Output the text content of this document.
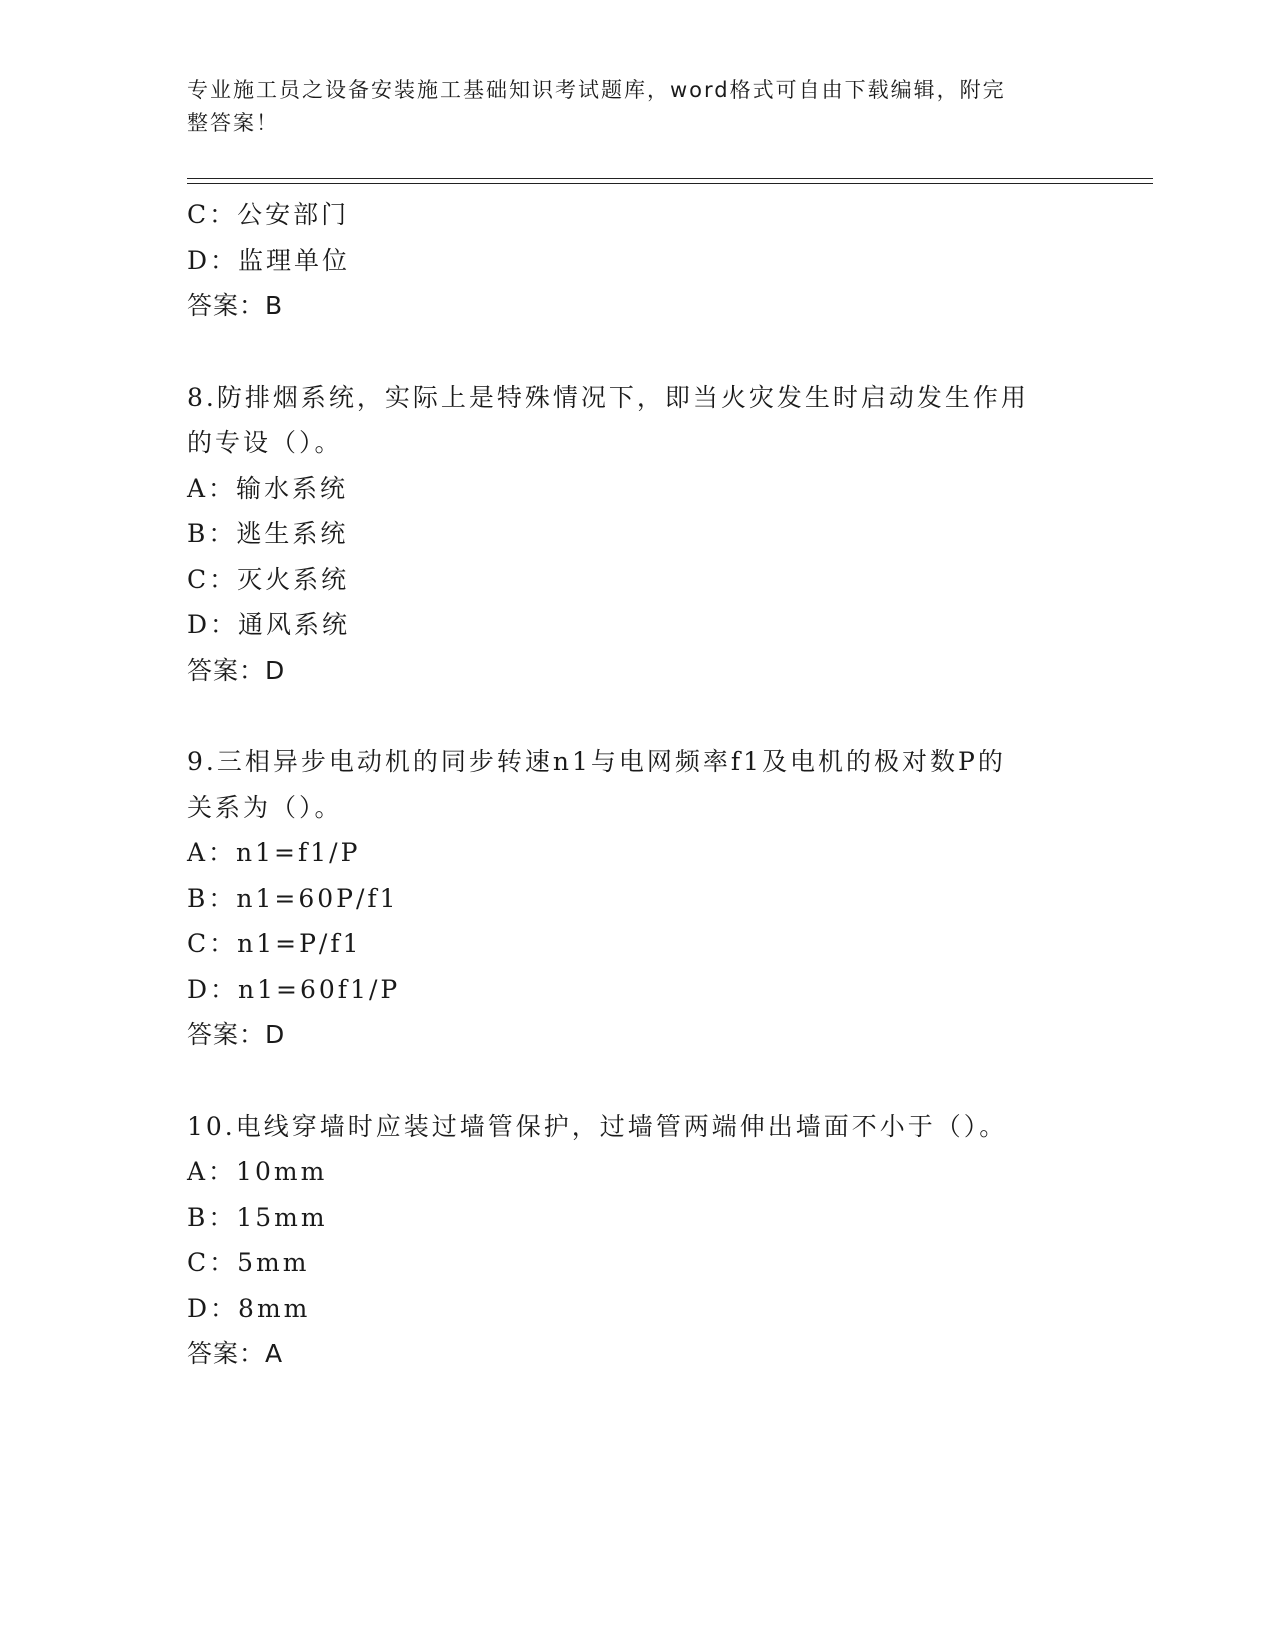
专业施工员之设备安装施工基础知识考试题库，word格式可自由下载编辑，附完
整答案！
C：公安部门
D：监理单位
答案：B
8.防排烟系统，实际上是特殊情况下，即当火灾发生时启动发生作用
的专设（）。
A：输水系统
B：逃生系统
C：灭火系统
D：通风系统
答案：D
9.三相异步电动机的同步转速n1与电网频率f1及电机的极对数P的
关系为（）。
A：n1=f1/P
B：n1=60P/f1
C：n1=P/f1
D：n1=60f1/P
答案：D
10.电线穿墙时应装过墙管保护，过墙管两端伸出墙面不小于（）。
A：10mm
B：15mm
C：5mm
D：8mm
答案：A
